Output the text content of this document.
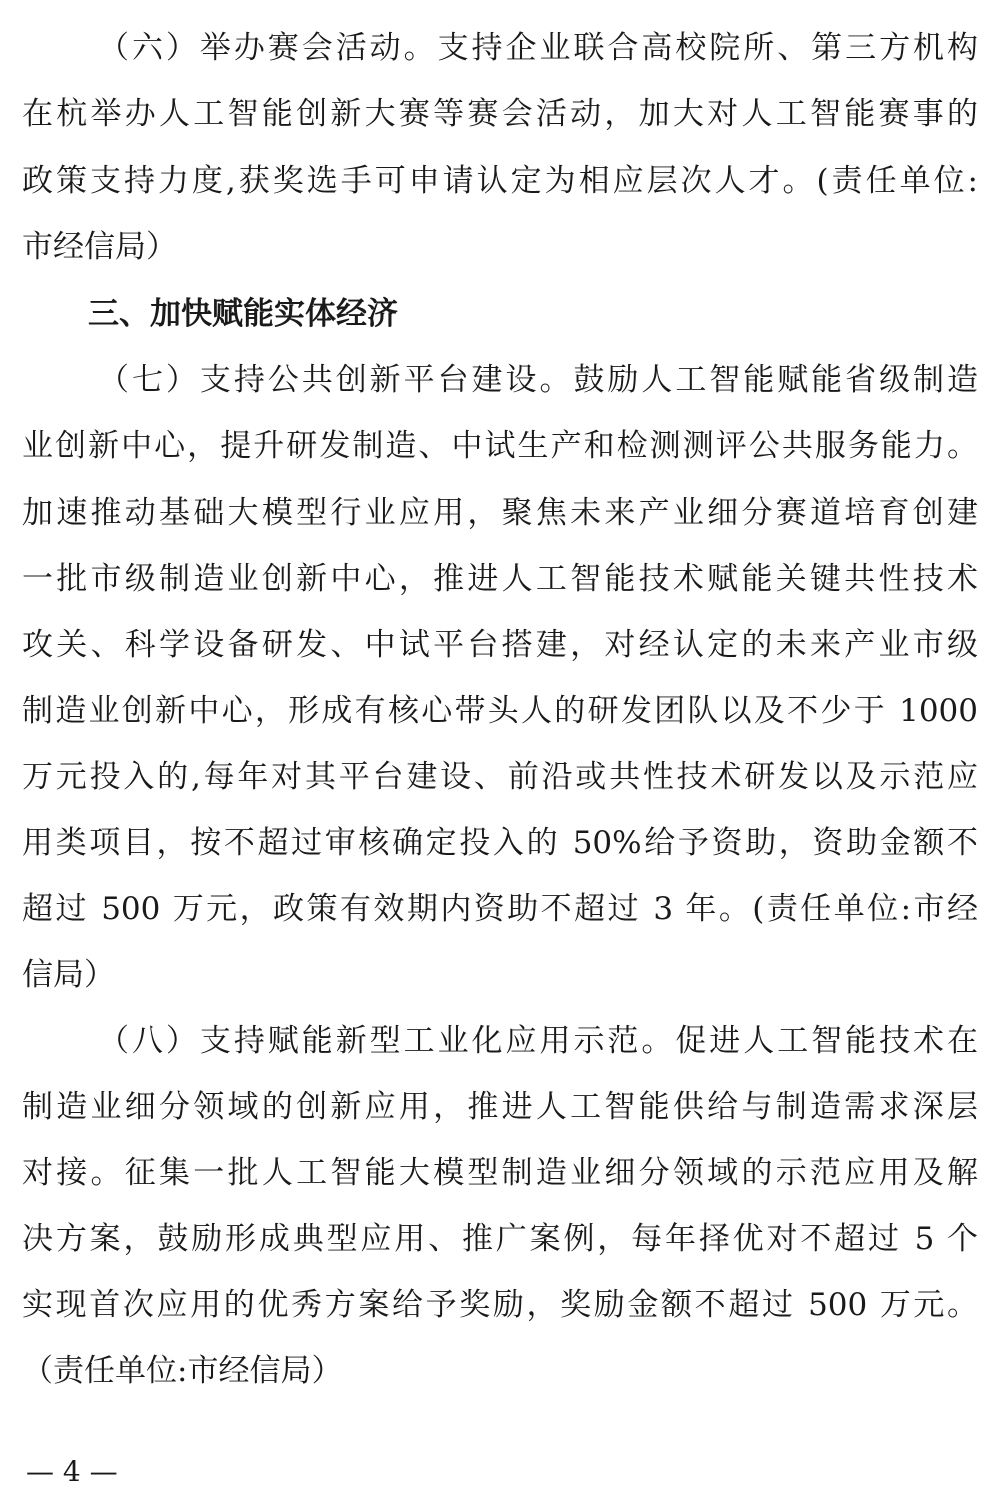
（六）举办赛会活动。支持企业联合高校院所、第三方机构
在杭举办人工智能创新大赛等赛会活动，加大对人工智能赛事的
政策支持力度,获奖选手可申请认定为相应层次人才。(责任单位:
市经信局）
三、加快赋能实体经济
（七）支持公共创新平台建设。鼓励人工智能赋能省级制造
业创新中心，提升研发制造、中试生产和检测测评公共服务能力。
加速推动基础大模型行业应用，聚焦未来产业细分赛道培育创建
一批市级制造业创新中心，推进人工智能技术赋能关键共性技术
攻关、科学设备研发、中试平台搭建，对经认定的未来产业市级
制造业创新中心，形成有核心带头人的研发团队以及不少于 1000
万元投入的,每年对其平台建设、前沿或共性技术研发以及示范应
用类项目，按不超过审核确定投入的 50%给予资助，资助金额不
超过 500 万元，政策有效期内资助不超过 3 年。(责任单位:市经
信局）
（八）支持赋能新型工业化应用示范。促进人工智能技术在
制造业细分领域的创新应用，推进人工智能供给与制造需求深层
对接。征集一批人工智能大模型制造业细分领域的示范应用及解
决方案，鼓励形成典型应用、推广案例，每年择优对不超过 5 个
实现首次应用的优秀方案给予奖励，奖励金额不超过 500 万元。
（责任单位:市经信局）
— 4 —
